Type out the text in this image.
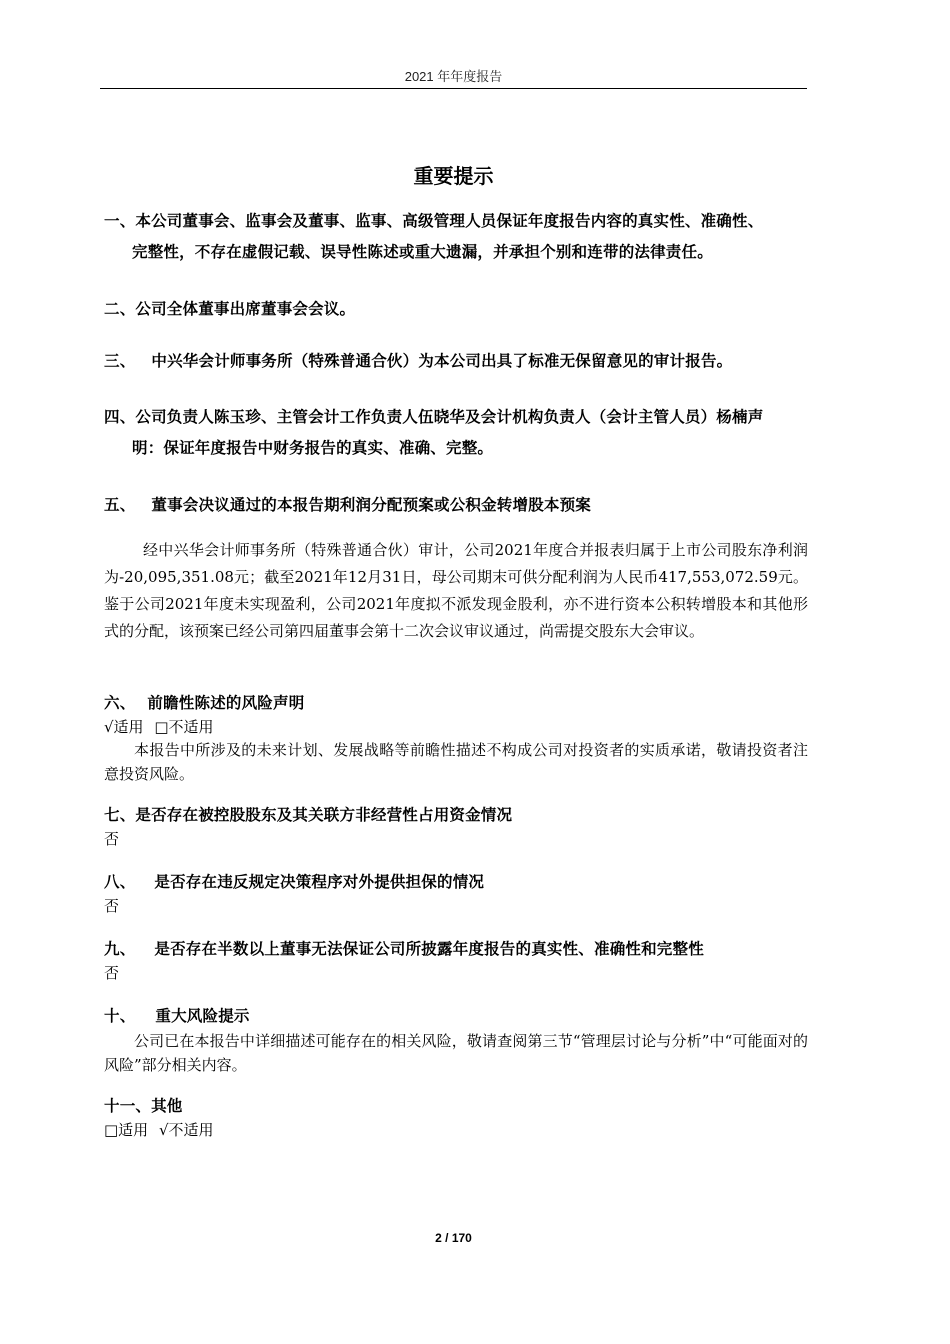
2021 年年度报告
重要提示
一、本公司董事会、监事会及董事、监事、高级管理人员保证年度报告内容的真实性、准确性、
完整性，不存在虚假记载、误导性陈述或重大遗漏，并承担个别和连带的法律责任。
二、公司全体董事出席董事会会议。
三、 中兴华会计师事务所（特殊普通合伙）为本公司出具了标准无保留意见的审计报告。
四、公司负责人陈玉珍、主管会计工作负责人伍晓华及会计机构负责人（会计主管人员）杨楠声
明：保证年度报告中财务报告的真实、准确、完整。
五、 董事会决议通过的本报告期利润分配预案或公积金转增股本预案
经中兴华会计师事务所（特殊普通合伙）审计，公司2021年度合并报表归属于上市公司股东净利润为-20,095,351.08元；截至2021年12月31日，母公司期末可供分配利润为人民币417,553,072.59元。鉴于公司2021年度未实现盈利，公司2021年度拟不派发现金股利，亦不进行资本公积转增股本和其他形式的分配，该预案已经公司第四届董事会第十二次会议审议通过，尚需提交股东大会审议。
六、 前瞻性陈述的风险声明
√适用 □不适用
本报告中所涉及的未来计划、发展战略等前瞻性描述不构成公司对投资者的实质承诺，敬请投资者注意投资风险。
七、是否存在被控股股东及其关联方非经营性占用资金情况
否
八、 是否存在违反规定决策程序对外提供担保的情况
否
九、 是否存在半数以上董事无法保证公司所披露年度报告的真实性、准确性和完整性
否
十、 重大风险提示
公司已在本报告中详细描述可能存在的相关风险，敬请查阅第三节“管理层讨论与分析”中“可能面对的风险”部分相关内容。
十一、其他
□适用 √不适用
2 / 170
